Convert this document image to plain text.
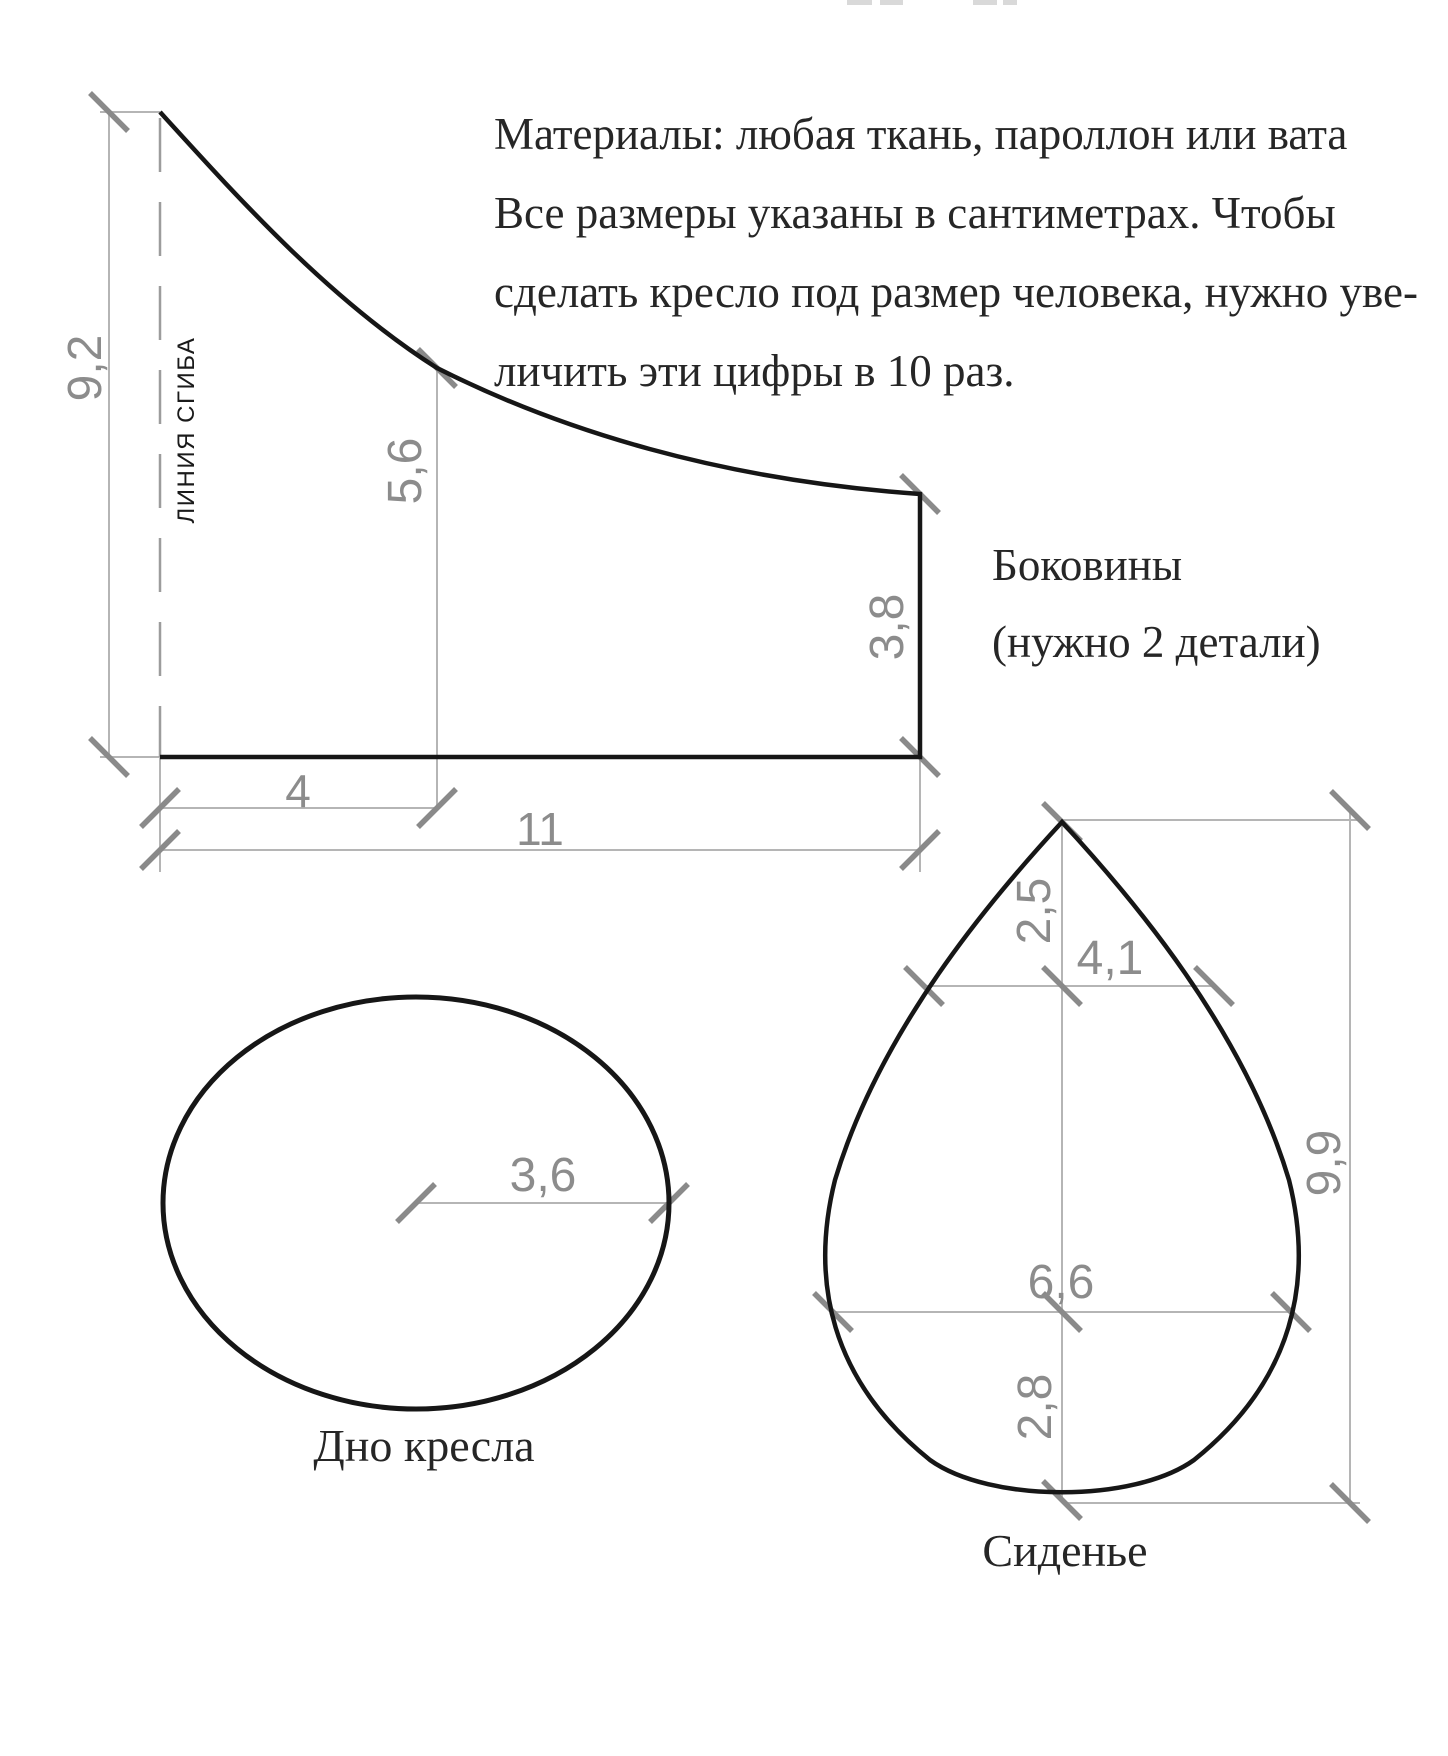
Материалы: любая ткань, пароллон или вата
Все размеры указаны в сантиметрах. Чтобы
сделать кресло под размер человека, нужно уве-
личить эти цифры в 10 раз.
Боковины
(нужно 2 детали)
ЛИНИЯ СГИБА
9,2
5,6
3,8
4
11
3,6
Дно кресла
2,5
4,1
9,9
6,6
2,8
Сиденье
